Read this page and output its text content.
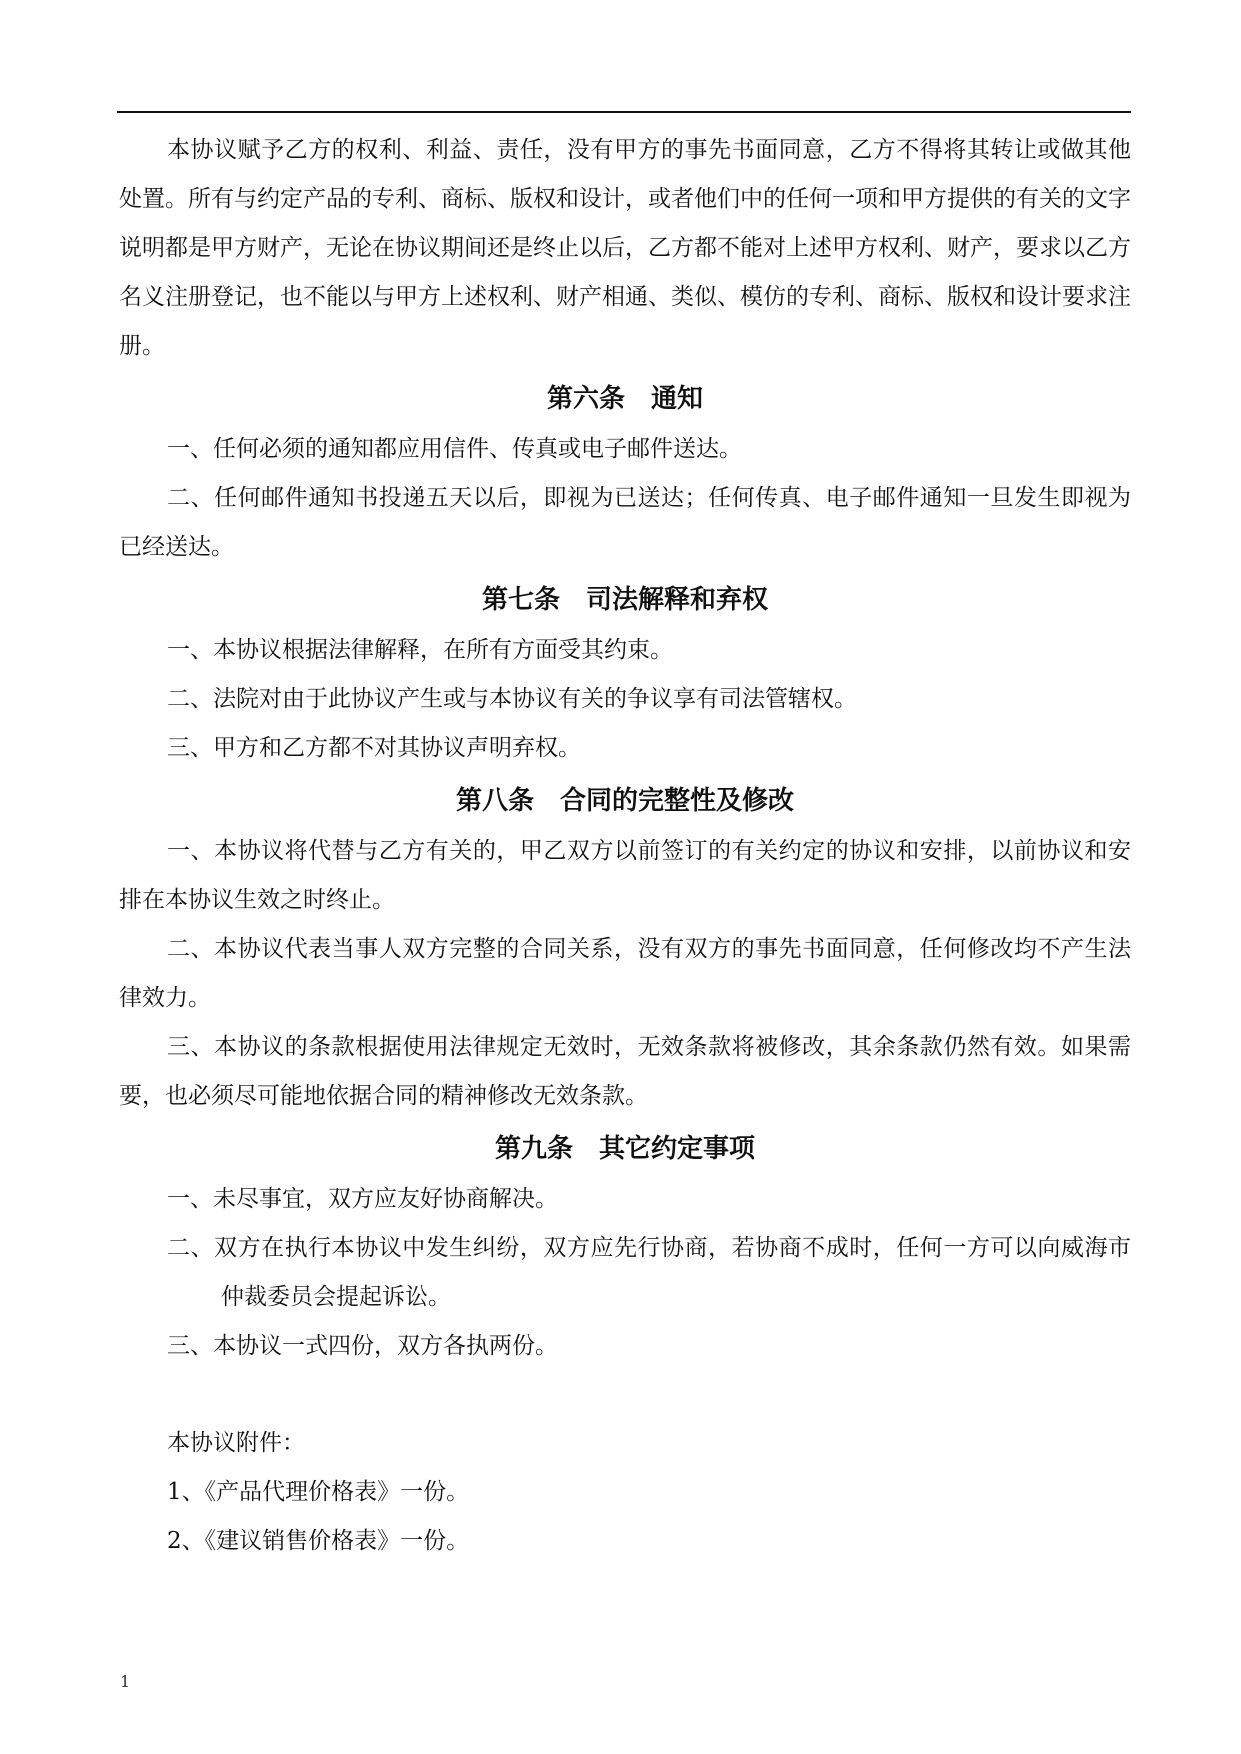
本协议赋予乙方的权利、利益、责任，没有甲方的事先书面同意，乙方不得将其转让或做其他处置。所有与约定产品的专利、商标、版权和设计，或者他们中的任何一项和甲方提供的有关的文字说明都是甲方财产，无论在协议期间还是终止以后，乙方都不能对上述甲方权利、财产，要求以乙方名义注册登记，也不能以与甲方上述权利、财产相通、类似、模仿的专利、商标、版权和设计要求注册。

第六条　通知

一、任何必须的通知都应用信件、传真或电子邮件送达。

二、任何邮件通知书投递五天以后，即视为已送达；任何传真、电子邮件通知一旦发生即视为已经送达。

第七条　司法解释和弃权

一、本协议根据法律解释，在所有方面受其约束。

二、法院对由于此协议产生或与本协议有关的争议享有司法管辖权。

三、甲方和乙方都不对其协议声明弃权。

第八条　合同的完整性及修改

一、本协议将代替与乙方有关的，甲乙双方以前签订的有关约定的协议和安排，以前协议和安排在本协议生效之时终止。

二、本协议代表当事人双方完整的合同关系，没有双方的事先书面同意，任何修改均不产生法律效力。

三、本协议的条款根据使用法律规定无效时，无效条款将被修改，其余条款仍然有效。如果需要，也必须尽可能地依据合同的精神修改无效条款。

第九条　其它约定事项

一、未尽事宜，双方应友好协商解决。

二、双方在执行本协议中发生纠纷，双方应先行协商，若协商不成时，任何一方可以向威海市仲裁委员会提起诉讼。

三、本协议一式四份，双方各执两份。

本协议附件：

1、《产品代理价格表》一份。

2、《建议销售价格表》一份。

1
